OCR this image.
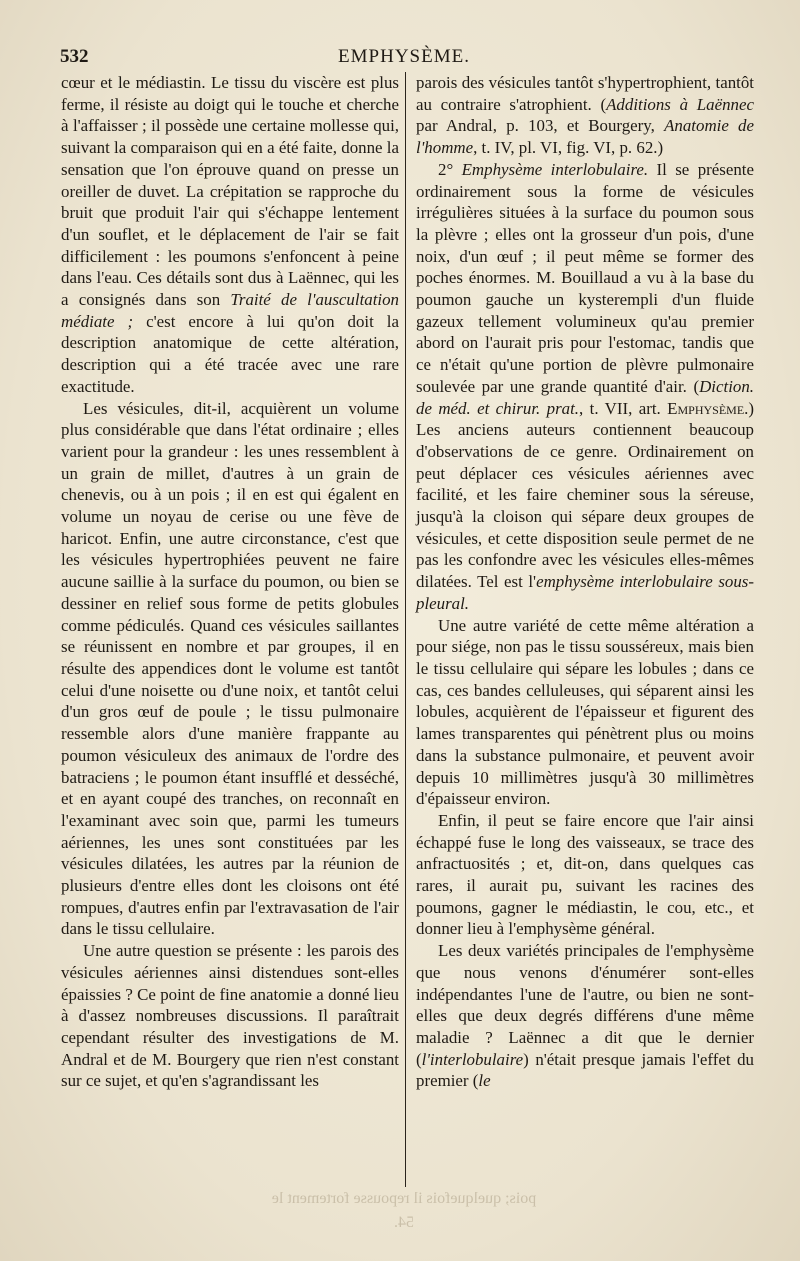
532	EMPHYSÈME.

cœur et le médiastin. Le tissu du viscère est plus ferme, il résiste au doigt qui le touche et cherche à l'affaisser ; il possède une certaine mollesse qui, suivant la comparaison qui en a été faite, donne la sensation que l'on éprouve quand on presse un oreiller de duvet. La crépitation se rapproche du bruit que produit l'air qui s'échappe lentement d'un souflet, et le déplacement de l'air se fait difficilement : les poumons s'enfoncent à peine dans l'eau. Ces détails sont dus à Laënnec, qui les a consignés dans son Traité de l'auscultation médiate ; c'est encore à lui qu'on doit la description anatomique de cette altération, description qui a été tracée avec une rare exactitude.

Les vésicules, dit-il, acquièrent un volume plus considérable que dans l'état ordinaire ; elles varient pour la grandeur : les unes ressemblent à un grain de millet, d'autres à un grain de chenevis, ou à un pois ; il en est qui égalent en volume un noyau de cerise ou une fève de haricot. Enfin, une autre circonstance, c'est que les vésicules hypertrophiées peuvent ne faire aucune saillie à la surface du poumon, ou bien se dessiner en relief sous forme de petits globules comme pédiculés. Quand ces vésicules saillantes se réunissent en nombre et par groupes, il en résulte des appendices dont le volume est tantôt celui d'une noisette ou d'une noix, et tantôt celui d'un gros œuf de poule ; le tissu pulmonaire ressemble alors d'une manière frappante au poumon vésiculeux des animaux de l'ordre des batraciens ; le poumon étant insufflé et desséché, et en ayant coupé des tranches, on reconnaît en l'examinant avec soin que, parmi les tumeurs aériennes, les unes sont constituées par les vésicules dilatées, les autres par la réunion de plusieurs d'entre elles dont les cloisons ont été rompues, d'autres enfin par l'extravasation de l'air dans le tissu cellulaire.

Une autre question se présente : les parois des vésicules aériennes ainsi distendues sont-elles épaissies ? Ce point de fine anatomie a donné lieu à d'assez nombreuses discussions. Il paraîtrait cependant résulter des investigations de M. Andral et de M. Bourgery que rien n'est constant sur ce sujet, et qu'en s'agrandissant les

parois des vésicules tantôt s'hypertrophient, tantôt au contraire s'atrophient. (Additions à Laënnec par Andral, p. 103, et Bourgery, Anatomie de l'homme, t. IV, pl. VI, fig. VI, p. 62.)

2° Emphysème interlobulaire. Il se présente ordinairement sous la forme de vésicules irrégulières situées à la surface du poumon sous la plèvre ; elles ont la grosseur d'un pois, d'une noix, d'un œuf ; il peut même se former des poches énormes. M. Bouillaud a vu à la base du poumon gauche un kysterempli d'un fluide gazeux tellement volumineux qu'au premier abord on l'aurait pris pour l'estomac, tandis que ce n'était qu'une portion de plèvre pulmonaire soulevée par une grande quantité d'air. (Diction. de méd. et chirur. prat., t. VII, art. Emphysème.) Les anciens auteurs contiennent beaucoup d'observations de ce genre. Ordinairement on peut déplacer ces vésicules aériennes avec facilité, et les faire cheminer sous la séreuse, jusqu'à la cloison qui sépare deux groupes de vésicules, et cette disposition seule permet de ne pas les confondre avec les vésicules elles-mêmes dilatées. Tel est l'emphysème interlobulaire sous-pleural.

Une autre variété de cette même altération a pour siége, non pas le tissu sousséreux, mais bien le tissu cellulaire qui sépare les lobules ; dans ce cas, ces bandes celluleuses, qui séparent ainsi les lobules, acquièrent de l'épaisseur et figurent des lames transparentes qui pénètrent plus ou moins dans la substance pulmonaire, et peuvent avoir depuis 10 millimètres jusqu'à 30 millimètres d'épaisseur environ.

Enfin, il peut se faire encore que l'air ainsi échappé fuse le long des vaisseaux, se trace des anfractuosités ; et, dit-on, dans quelques cas rares, il aurait pu, suivant les racines des poumons, gagner le médiastin, le cou, etc., et donner lieu à l'emphysème général.

Les deux variétés principales de l'emphysème que nous venons d'énumérer sont-elles indépendantes l'une de l'autre, ou bien ne sont-elles que deux degrés différens d'une même maladie ? Laënnec a dit que le dernier (l'interlobulaire) n'était presque jamais l'effet du premier (le

pois; quelquefois il repousse fortement le
54.
